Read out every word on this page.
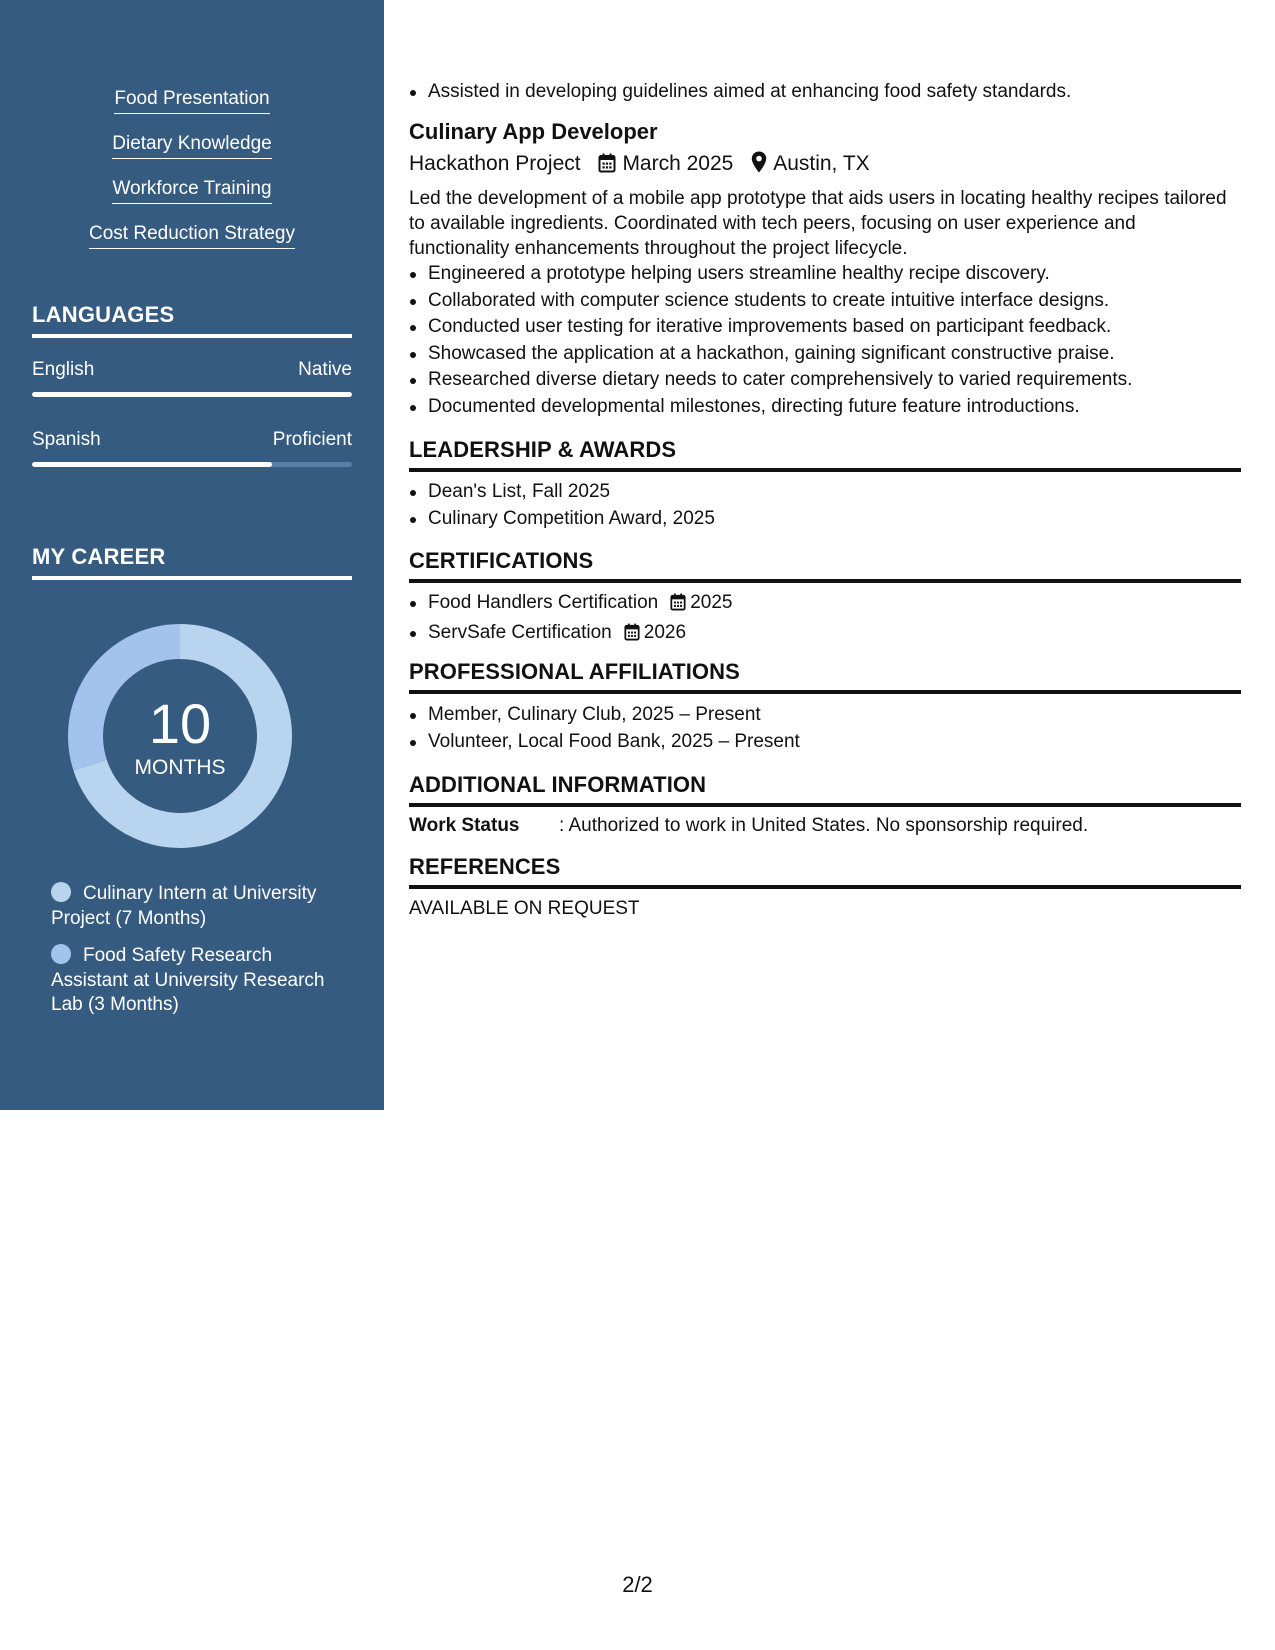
Food Presentation
Dietary Knowledge
Workforce Training
Cost Reduction Strategy
LANGUAGES
English	Native
Spanish	Proficient
MY CAREER
10
MONTHS
Culinary Intern at University Project (7 Months)
Food Safety Research Assistant at University Research Lab (3 Months)
Assisted in developing guidelines aimed at enhancing food safety standards.
Culinary App Developer
Hackathon Project March 2025 Austin, TX
Led the development of a mobile app prototype that aids users in locating healthy recipes tailored to available ingredients. Coordinated with tech peers, focusing on user experience and functionality enhancements throughout the project lifecycle.
Engineered a prototype helping users streamline healthy recipe discovery.
Collaborated with computer science students to create intuitive interface designs.
Conducted user testing for iterative improvements based on participant feedback.
Showcased the application at a hackathon, gaining significant constructive praise.
Researched diverse dietary needs to cater comprehensively to varied requirements.
Documented developmental milestones, directing future feature introductions.
LEADERSHIP & AWARDS
Dean's List, Fall 2025
Culinary Competition Award, 2025
CERTIFICATIONS
Food Handlers Certification 2025
ServSafe Certification 2026
PROFESSIONAL AFFILIATIONS
Member, Culinary Club, 2025 – Present
Volunteer, Local Food Bank, 2025 – Present
ADDITIONAL INFORMATION
Work Status : Authorized to work in United States. No sponsorship required.
REFERENCES
AVAILABLE ON REQUEST
2/2
